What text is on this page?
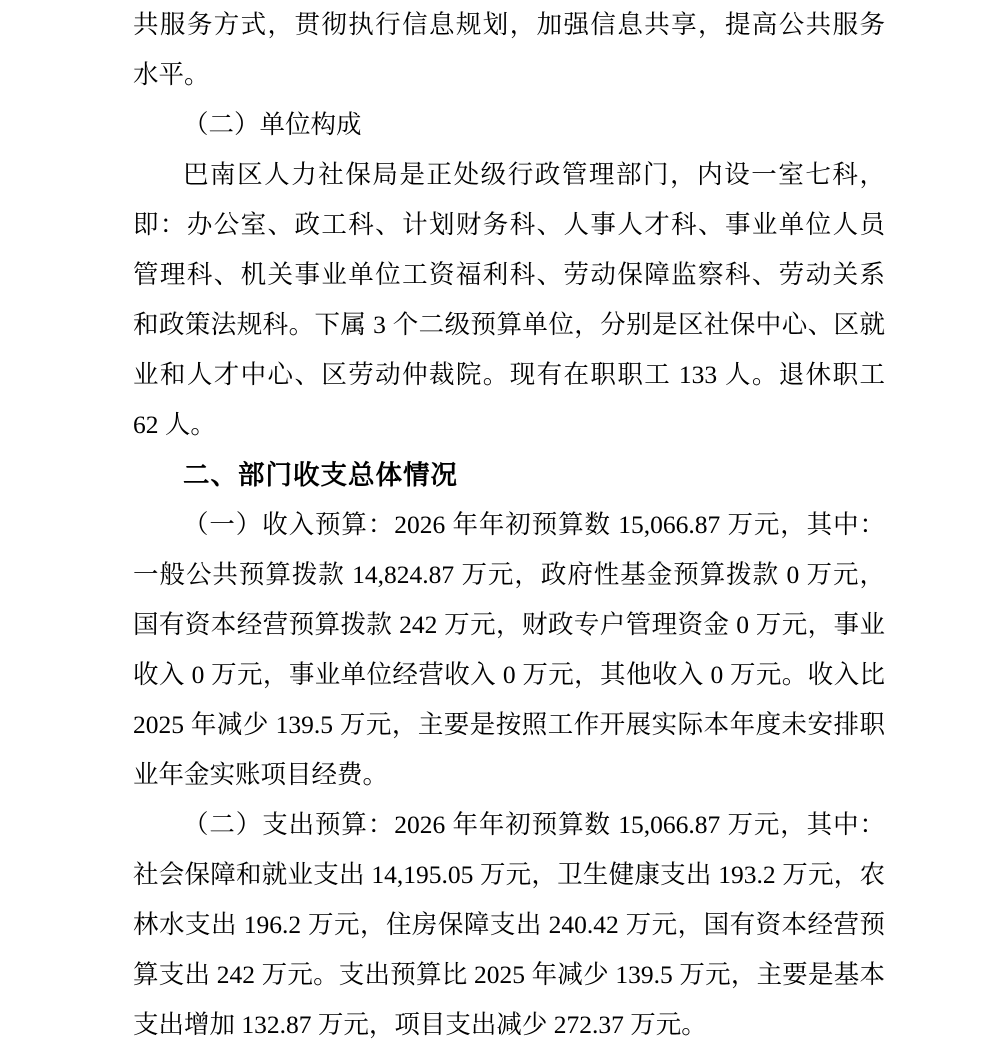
共服务方式，贯彻执行信息规划，加强信息共享，提高公共服务
水平。
（二）单位构成
巴南区人力社保局是正处级行政管理部门，内设一室七科，
即：办公室、政工科、计划财务科、人事人才科、事业单位人员
管理科、机关事业单位工资福利科、劳动保障监察科、劳动关系
和政策法规科。下属 3 个二级预算单位，分别是区社保中心、区就
业和人才中心、区劳动仲裁院。现有在职职工 133 人。退休职工
62 人。
二、部门收支总体情况
（一）收入预算：2026 年年初预算数 15,066.87 万元，其中：
一般公共预算拨款 14,824.87 万元，政府性基金预算拨款 0 万元，
国有资本经营预算拨款 242 万元，财政专户管理资金 0 万元，事业
收入 0 万元，事业单位经营收入 0 万元，其他收入 0 万元。收入比
2025 年减少 139.5 万元，主要是按照工作开展实际本年度未安排职
业年金实账项目经费。
（二）支出预算：2026 年年初预算数 15,066.87 万元，其中：
社会保障和就业支出 14,195.05 万元，卫生健康支出 193.2 万元，农
林水支出 196.2 万元，住房保障支出 240.42 万元，国有资本经营预
算支出 242 万元。支出预算比 2025 年减少 139.5 万元，主要是基本
支出增加 132.87 万元，项目支出减少 272.37 万元。
